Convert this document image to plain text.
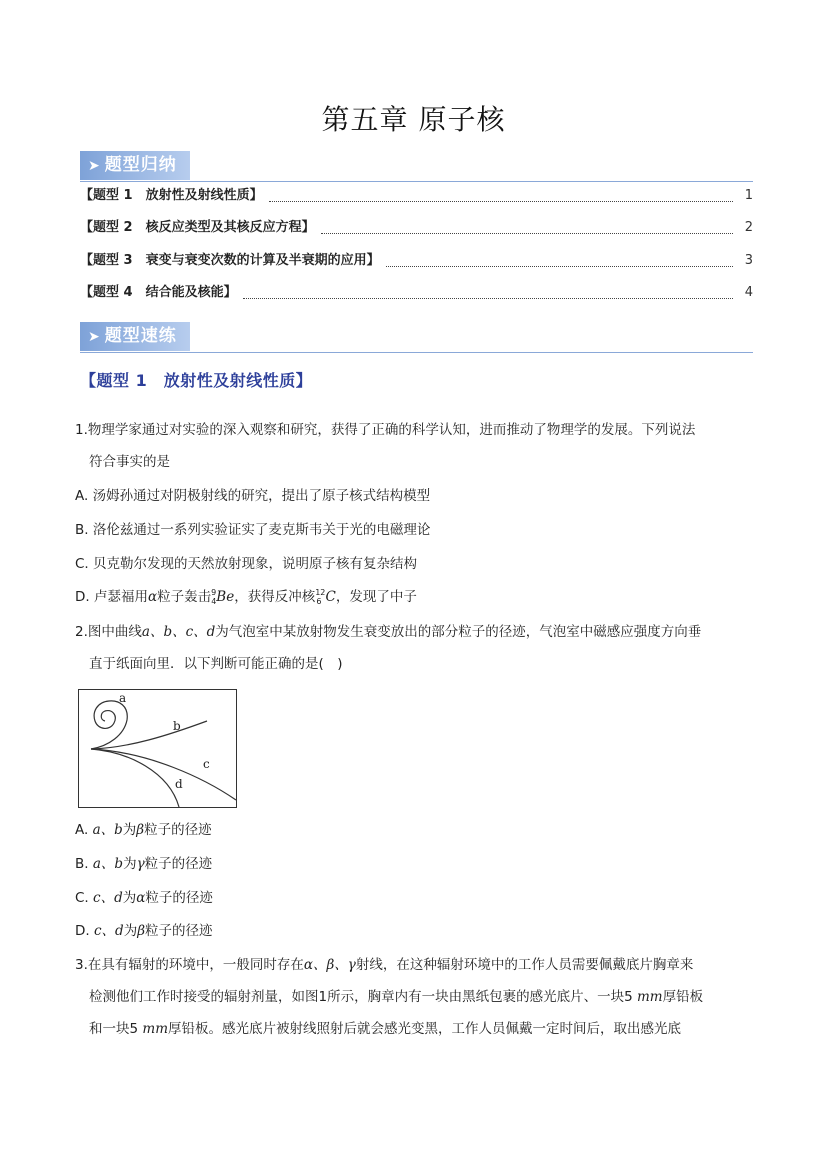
第五章 原子核
➤ 题型归纳
【题型 1　放射性及射线性质】	1
【题型 2　核反应类型及其核反应方程】	2
【题型 3　衰变与衰变次数的计算及半衰期的应用】	3
【题型 4　结合能及核能】	4
➤ 题型速练
【题型 1　放射性及射线性质】
1.物理学家通过对实验的深入观察和研究，获得了正确的科学认知，进而推动了物理学的发展。下列说法
符合事实的是
A. 汤姆孙通过对阴极射线的研究，提出了原子核式结构模型
B. 洛伦兹通过一系列实验证实了麦克斯韦关于光的电磁理论
C. 贝克勒尔发现的天然放射现象，说明原子核有复杂结构
D. 卢瑟福用α粒子轰击$^9_4$Be，获得反冲核$^{12}_6$ C，发现了中子
2.图中曲线a、b、c、d为气泡室中某放射物发生衰变放出的部分粒子的径迹，气泡室中磁感应强度方向垂
直于纸面向里．以下判断可能正确的是(　)
a
b
c
d
A. a、b为β粒子的径迹
B. a、b为γ粒子的径迹
C. c、d为α粒子的径迹
D. c、d为β粒子的径迹
3.在具有辐射的环境中，一般同时存在α、β、γ射线，在这种辐射环境中的工作人员需要佩戴底片胸章来
检测他们工作时接受的辐射剂量，如图1所示，胸章内有一块由黑纸包裹的感光底片、一块5 mm厚铅板
和一块5 mm厚铅板。感光底片被射线照射后就会感光变黑，工作人员佩戴一定时间后，取出感光底
